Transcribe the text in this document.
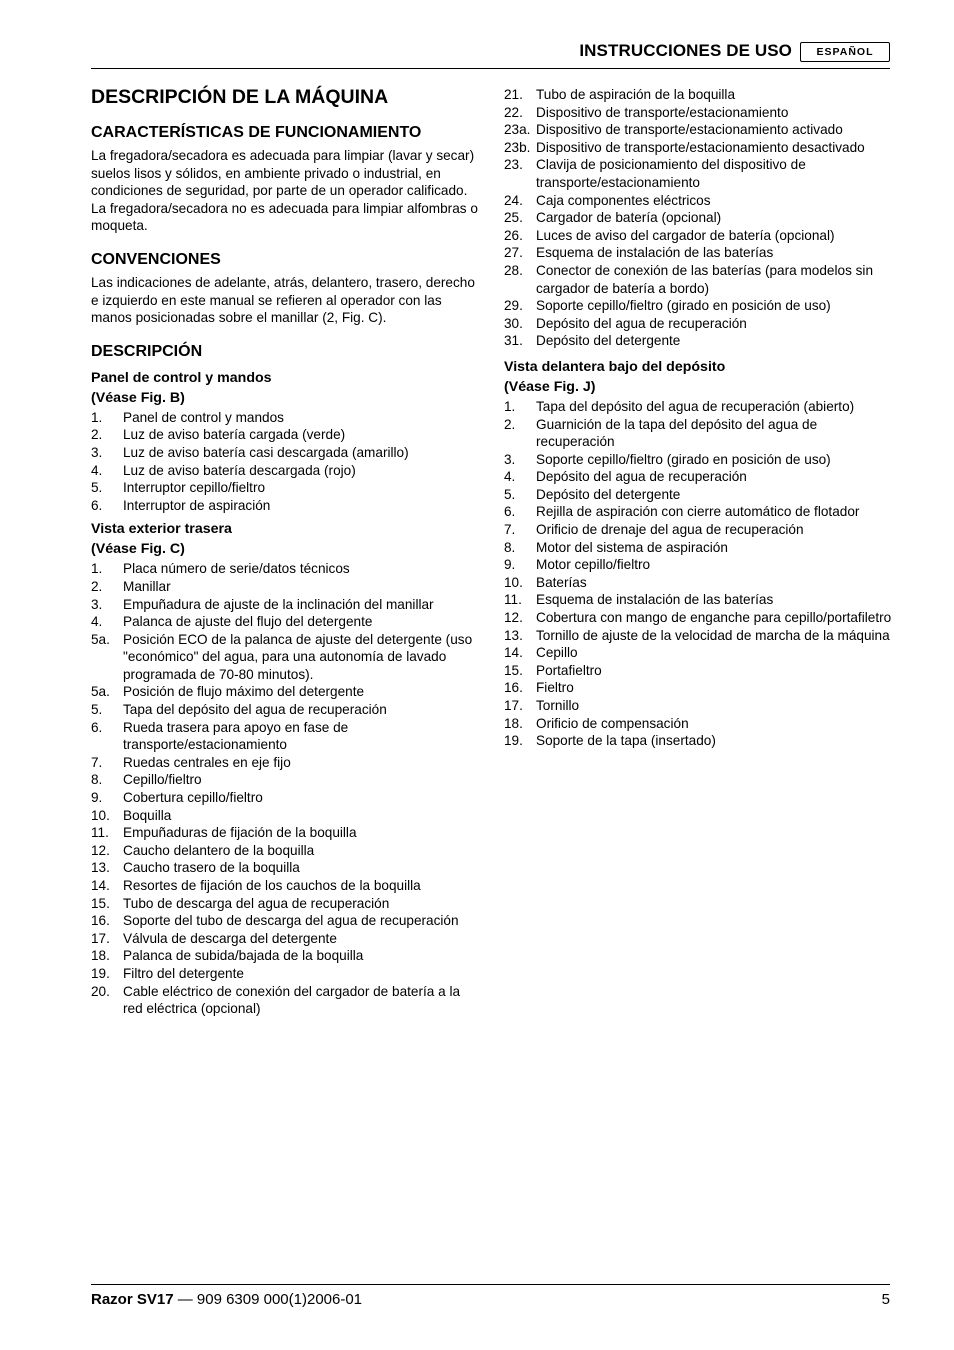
INSTRUCCIONES DE USO	ESPAÑOL
DESCRIPCIÓN DE LA MÁQUINA
CARACTERÍSTICAS DE FUNCIONAMIENTO

La fregadora/secadora es adecuada para limpiar (lavar y secar) suelos lisos y sólidos, en ambiente privado o industrial, en condiciones de seguridad, por parte de un operador calificado.

La fregadora/secadora no es adecuada para limpiar alfombras o moqueta.

CONVENCIONES

Las indicaciones de adelante, atrás, delantero, trasero, derecho e izquierdo en este manual se refieren al operador con las manos posicionadas sobre el manillar (2, Fig. C).

DESCRIPCIÓN
Panel de control y mandos
(Véase Fig. B)
1.	Panel de control y mandos
2.	Luz de aviso batería cargada (verde)
3.	Luz de aviso batería casi descargada (amarillo)
4.	Luz de aviso batería descargada (rojo)
5.	Interruptor cepillo/fieltro
6.	Interruptor de aspiración
Vista exterior trasera
(Véase Fig. C)
1.	Placa número de serie/datos técnicos
2.	Manillar
3.	Empuñadura de ajuste de la inclinación del manillar
4.	Palanca de ajuste del flujo del detergente
5a. Posición ECO de la palanca de ajuste del detergente (uso "económico" del agua, para una autonomía de lavado programada de 70-80 minutos).
5a. Posición de flujo máximo del detergente
5.	Tapa del depósito del agua de recuperación
6.	Rueda trasera para apoyo en fase de transporte/estacionamiento
7.	Ruedas centrales en eje fijo
8.	Cepillo/fieltro
9.	Cobertura cepillo/fieltro
10. Boquilla
11.	Empuñaduras de fijación de la boquilla
12. Caucho delantero de la boquilla
13. Caucho trasero de la boquilla
14. Resortes de fijación de los cauchos de la boquilla
15. Tubo de descarga del agua de recuperación
16. Soporte del tubo de descarga del agua de recuperación
17. Válvula de descarga del detergente
18. Palanca de subida/bajada de la boquilla
19. Filtro del detergente
20. Cable eléctrico de conexión del cargador de batería a la red eléctrica (opcional)
21. Tubo de aspiración de la boquilla
22. Dispositivo de transporte/estacionamiento
23a. Dispositivo de transporte/estacionamiento activado
23b. Dispositivo de transporte/estacionamiento desactivado
23. Clavija de posicionamiento del dispositivo de transporte/estacionamiento
24. Caja componentes eléctricos
25. Cargador de batería (opcional)
26. Luces de aviso del cargador de batería (opcional)
27. Esquema de instalación de las baterías
28. Conector de conexión de las baterías (para modelos sin cargador de batería a bordo)
29. Soporte cepillo/fieltro (girado en posición de uso)
30. Depósito del agua de recuperación
31. Depósito del detergente
Vista delantera bajo del depósito
(Véase Fig. J)
1.	Tapa del depósito del agua de recuperación (abierto)
2.	Guarnición de la tapa del depósito del agua de recuperación
3.	Soporte cepillo/fieltro (girado en posición de uso)
4.	Depósito del agua de recuperación
5.	Depósito del detergente
6.	Rejilla de aspiración con cierre automático de flotador
7.	Orificio de drenaje del agua de recuperación
8.	Motor del sistema de aspiración
9.	Motor cepillo/fieltro
10. Baterías
11.	Esquema de instalación de las baterías
12. Cobertura con mango de enganche para cepillo/portafiletro
13. Tornillo de ajuste de la velocidad de marcha de la máquina
14. Cepillo
15. Portafieltro
16. Fieltro
17. Tornillo
18. Orificio de compensación
19. Soporte de la tapa (insertado)
Razor SV17 — 909 6309 000(1)2006-01	5
